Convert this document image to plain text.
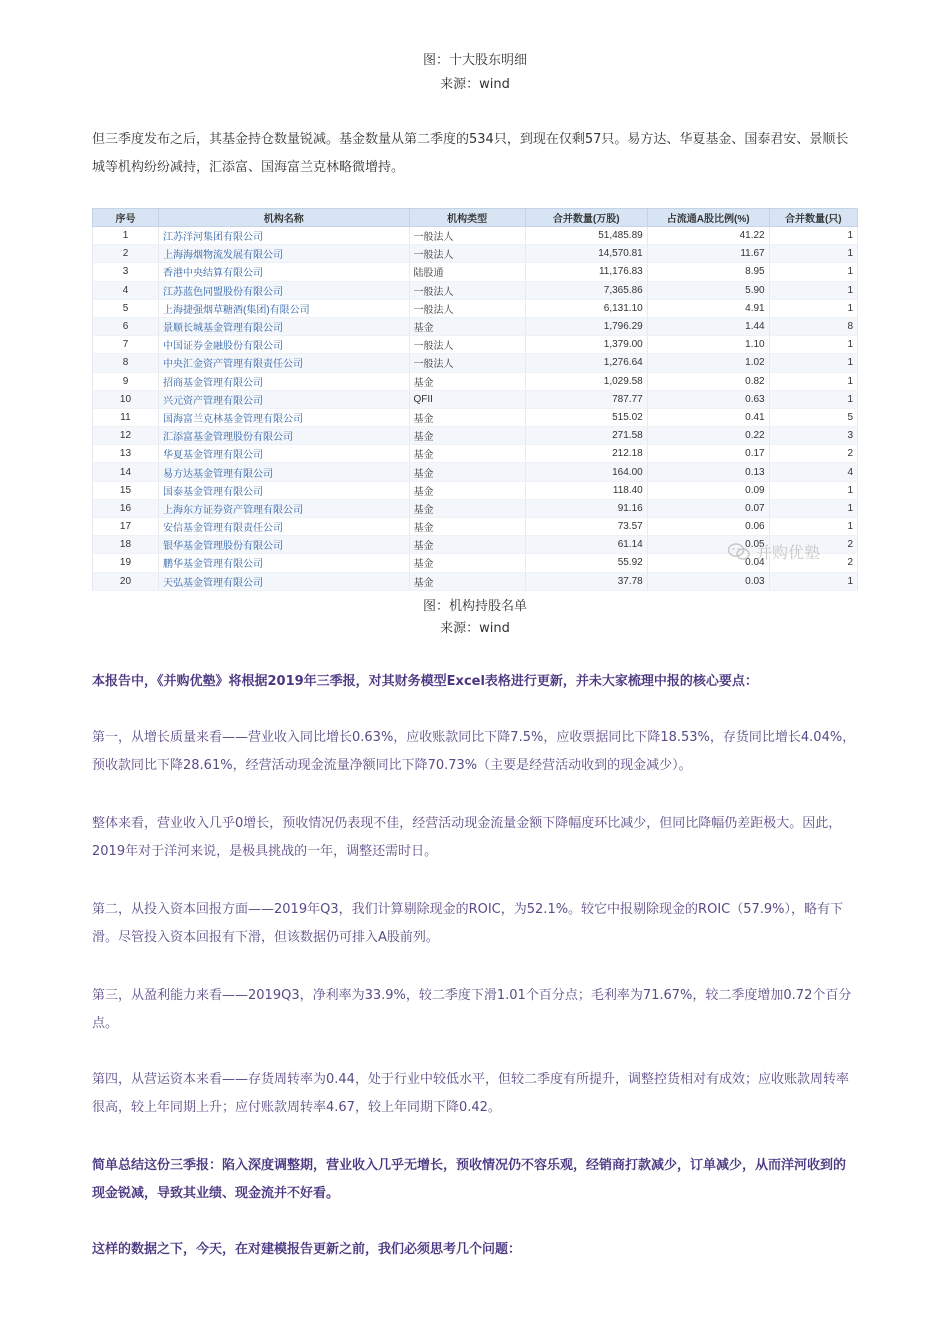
图：十大股东明细
来源：wind
但三季度发布之后，其基金持仓数量锐减。基金数量从第二季度的534只，到现在仅剩57只。易方达、华夏基金、国泰君安、景顺长城等机构纷纷减持，汇添富、国海富兰克林略微增持。
序号	机构名称	机构类型	合并数量(万股)	占流通A股比例(%)	合并数量(只)
1	江苏洋河集团有限公司	一般法人	51,485.89	41.22	1
2	上海海烟物流发展有限公司	一般法人	14,570.81	11.67	1
3	香港中央结算有限公司	陆股通	11,176.83	8.95	1
4	江苏蓝色同盟股份有限公司	一般法人	7,365.86	5.90	1
5	上海捷强烟草糖酒(集团)有限公司	一般法人	6,131.10	4.91	1
6	景顺长城基金管理有限公司	基金	1,796.29	1.44	8
7	中国证券金融股份有限公司	一般法人	1,379.00	1.10	1
8	中央汇金资产管理有限责任公司	一般法人	1,276.64	1.02	1
9	招商基金管理有限公司	基金	1,029.58	0.82	1
10	兴元资产管理有限公司	QFII	787.77	0.63	1
11	国海富兰克林基金管理有限公司	基金	515.02	0.41	5
12	汇添富基金管理股份有限公司	基金	271.58	0.22	3
13	华夏基金管理有限公司	基金	212.18	0.17	2
14	易方达基金管理有限公司	基金	164.00	0.13	4
15	国泰基金管理有限公司	基金	118.40	0.09	1
16	上海东方证券资产管理有限公司	基金	91.16	0.07	1
17	安信基金管理有限责任公司	基金	73.57	0.06	1
18	银华基金管理股份有限公司	基金	61.14	0.05	2
19	鹏华基金管理有限公司	基金	55.92	0.04	2
20	天弘基金管理有限公司	基金	37.78	0.03	1
并购优塾
图：机构持股名单
来源：wind
本报告中，《并购优塾》将根据2019年三季报，对其财务模型Excel表格进行更新，并未大家梳理中报的核心要点：
第一，从增长质量来看——营业收入同比增长0.63%，应收账款同比下降7.5%，应收票据同比下降18.53%，存货同比增长4.04%，预收款同比下降28.61%，经营活动现金流量净额同比下降70.73%（主要是经营活动收到的现金减少）。
整体来看，营业收入几乎0增长，预收情况仍表现不佳，经营活动现金流量金额下降幅度环比减少，但同比降幅仍差距极大。因此，2019年对于洋河来说，是极具挑战的一年，调整还需时日。
第二，从投入资本回报方面——2019年Q3，我们计算剔除现金的ROIC，为52.1%。较它中报剔除现金的ROIC（57.9%），略有下滑。尽管投入资本回报有下滑，但该数据仍可排入A股前列。
第三，从盈利能力来看——2019Q3，净利率为33.9%，较二季度下滑1.01个百分点；毛利率为71.67%，较二季度增加0.72个百分点。
第四，从营运资本来看——存货周转率为0.44，处于行业中较低水平，但较二季度有所提升，调整控货相对有成效；应收账款周转率很高，较上年同期上升；应付账款周转率4.67，较上年同期下降0.42。
简单总结这份三季报：陷入深度调整期，营业收入几乎无增长，预收情况仍不容乐观，经销商打款减少，订单减少，从而洋河收到的现金锐减，导致其业绩、现金流并不好看。
这样的数据之下，今天，在对建模报告更新之前，我们必须思考几个问题：
